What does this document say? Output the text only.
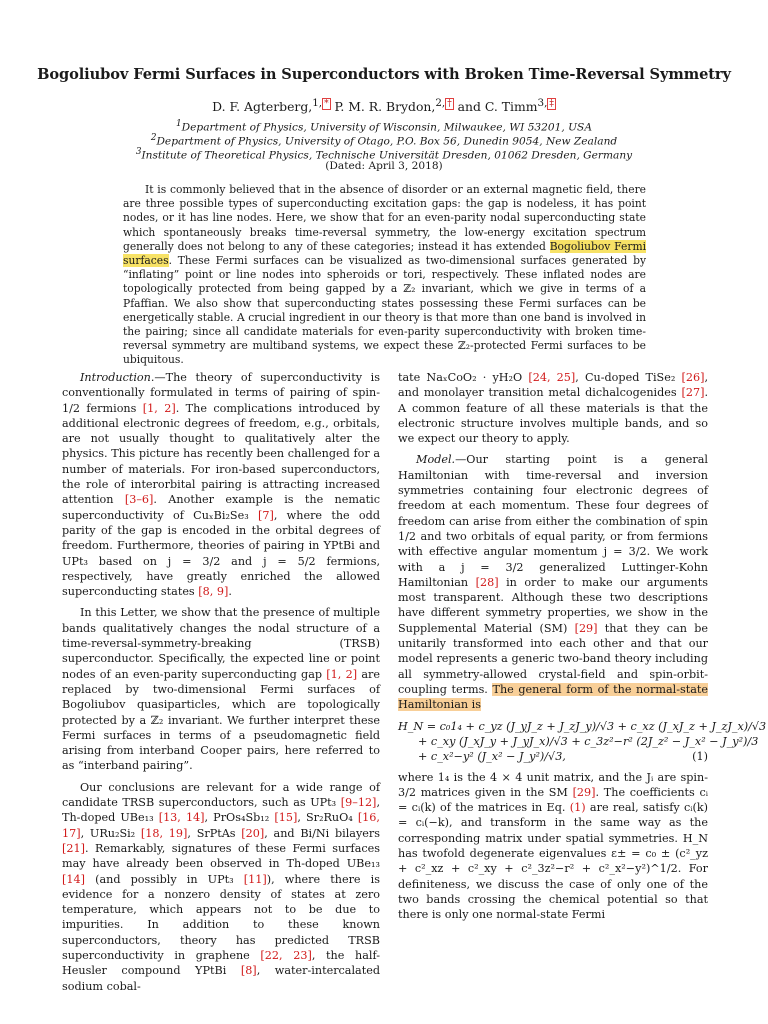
Bogoliubov Fermi Surfaces in Superconductors with Broken Time-Reversal Symmetry
D. F. Agterberg,$^{1,}$ * P. M. R. Brydon,$^{2,}$ † and C. Timm$^{3,}$ ‡
$^1$Department of Physics, University of Wisconsin, Milwaukee, WI 53201, USA
$^2$Department of Physics, University of Otago, P.O. Box 56, Dunedin 9054, New Zealand
$^3$Institute of Theoretical Physics, Technische Universität Dresden, 01062 Dresden, Germany
(Dated: April 3, 2018)

It is commonly believed that in the absence of disorder or an external magnetic field, there are three possible types of superconducting excitation gaps: the gap is nodeless, it has point nodes, or it has line nodes. Here, we show that for an even-parity nodal superconducting state which spontaneously breaks time-reversal symmetry, the low-energy excitation spectrum generally does not belong to any of these categories; instead it has extended Bogoliubov Fermi surfaces. These Fermi surfaces can be visualized as two-dimensional surfaces generated by “inflating” point or line nodes into spheroids or tori, respectively. These inflated nodes are topologically protected from being gapped by a ℤ₂ invariant, which we give in terms of a Pfaffian. We also show that superconducting states possessing these Fermi surfaces can be energetically stable. A crucial ingredient in our theory is that more than one band is involved in the pairing; since all candidate materials for even-parity superconductivity with broken time-reversal symmetry are multiband systems, we expect these ℤ₂-protected Fermi surfaces to be ubiquitous.

Introduction.—The theory of superconductivity is conventionally formulated in terms of pairing of spin-1/2 fermions [1, 2]. The complications introduced by additional electronic degrees of freedom, e.g., orbitals, are not usually thought to qualitatively alter the physics. This picture has recently been challenged for a number of materials. For iron-based superconductors, the role of interorbital pairing is attracting increased attention [3–6]. Another example is the nematic superconductivity of CuₓBi₂Se₃ [7], where the odd parity of the gap is encoded in the orbital degrees of freedom. Furthermore, theories of pairing in YPtBi and UPt₃ based on j = 3/2 and j = 5/2 fermions, respectively, have greatly enriched the allowed superconducting states [8, 9].

In this Letter, we show that the presence of multiple bands qualitatively changes the nodal structure of a time-reversal-symmetry-breaking (TRSB) superconductor. Specifically, the expected line or point nodes of an even-parity superconducting gap [1, 2] are replaced by two-dimensional Fermi surfaces of Bogoliubov quasiparticles, which are topologically protected by a ℤ₂ invariant. We further interpret these Fermi surfaces in terms of a pseudomagnetic field arising from interband Cooper pairs, here referred to as “interband pairing”.

Our conclusions are relevant for a wide range of candidate TRSB superconductors, such as UPt₃ [9–12], Th-doped UBe₁₃ [13, 14], PrOs₄Sb₁₂ [15], Sr₂RuO₄ [16, 17], URu₂Si₂ [18, 19], SrPtAs [20], and Bi/Ni bilayers [21]. Remarkably, signatures of these Fermi surfaces may have already been observed in Th-doped UBe₁₃ [14] (and possibly in UPt₃ [11]), where there is evidence for a nonzero density of states at zero temperature, which appears not to be due to impurities. In addition to these known superconductors, theory has predicted TRSB superconductivity in graphene [22, 23], the half-Heusler compound YPtBi [8], water-intercalated sodium cobal-

tate NaₓCoO₂ · yH₂O [24, 25], Cu-doped TiSe₂ [26], and monolayer transition metal dichalcogenides [27]. A common feature of all these materials is that the electronic structure involves multiple bands, and so we expect our theory to apply.

Model.—Our starting point is a general Hamiltonian with time-reversal and inversion symmetries containing four electronic degrees of freedom at each momentum. These four degrees of freedom can arise from either the combination of spin 1/2 and two orbitals of equal parity, or from fermions with effective angular momentum j = 3/2. We work with a j = 3/2 generalized Luttinger-Kohn Hamiltonian [28] in order to make our arguments most transparent. Although these two descriptions have different symmetry properties, we show in the Supplemental Material (SM) [29] that they can be unitarily transformed into each other and that our model represents a generic two-band theory including all symmetry-allowed crystal-field and spin-orbit-coupling terms. The general form of the normal-state Hamiltonian is

H_N = c₀1₄ + c_yz (J_yJ_z + J_zJ_y)/√3 + c_xz (J_xJ_z + J_zJ_x)/√3
+ c_xy (J_xJ_y + J_yJ_x)/√3 + c_3z²−r² (2J_z² − J_x² − J_y²)/3
+ c_x²−y² (J_x² − J_y²)/√3,	(1)

where 1₄ is the 4 × 4 unit matrix, and the Jᵢ are spin-3/2 matrices given in the SM [29]. The coefficients cᵢ = cᵢ(k) of the matrices in Eq. (1) are real, satisfy cᵢ(k) = cᵢ(−k), and transform in the same way as the corresponding matrix under spatial symmetries. H_N has twofold degenerate eigenvalues ε± = c₀ ± (c²_yz + c²_xz + c²_xy + c²_3z²−r² + c²_x²−y²)^1/2. For definiteness, we discuss the case of only one of the two bands crossing the chemical potential so that there is only one normal-state Fermi
